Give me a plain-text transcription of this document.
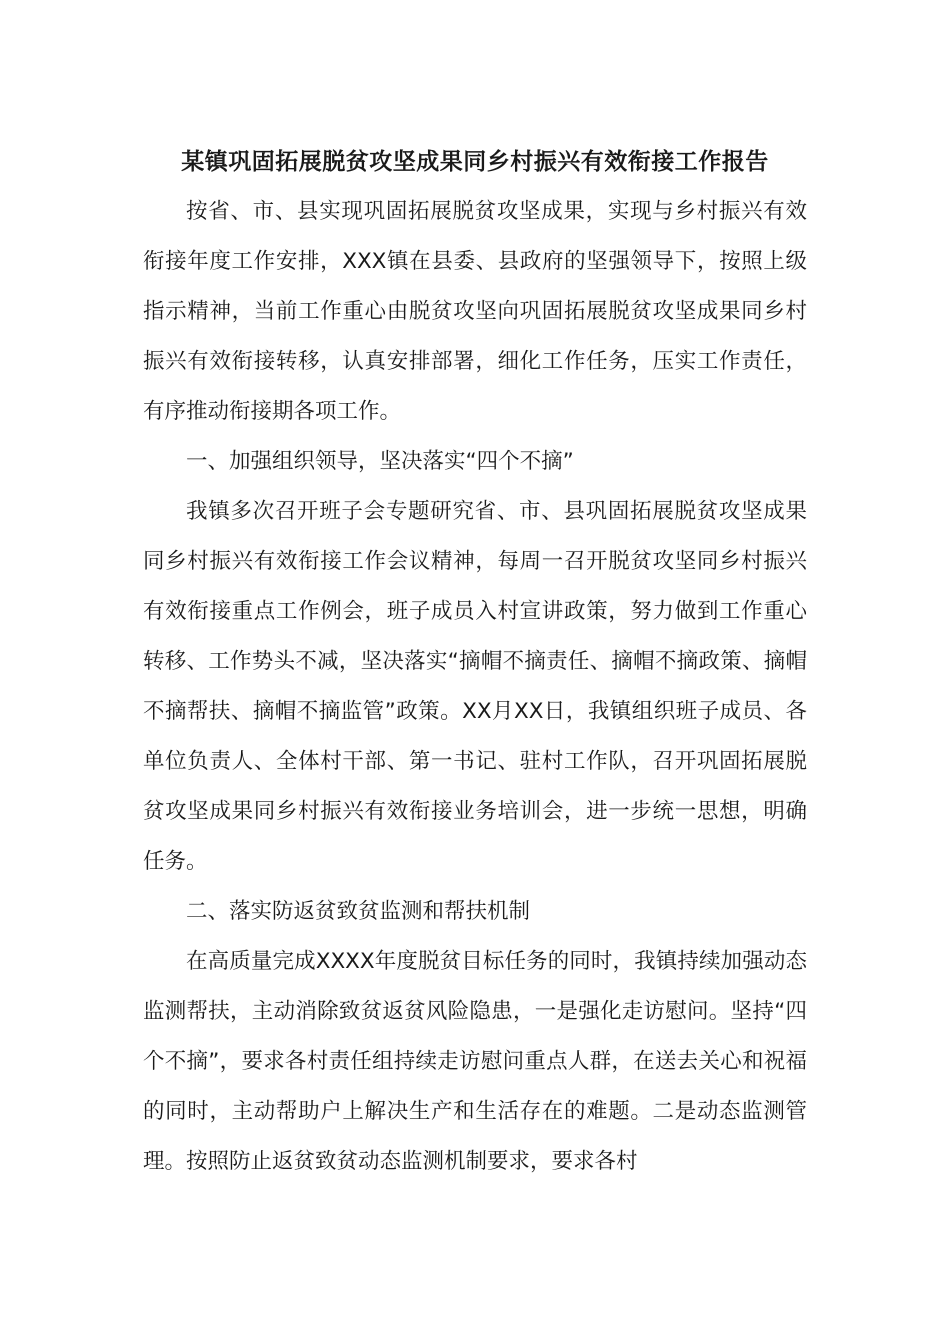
某镇巩固拓展脱贫攻坚成果同乡村振兴有效衔接工作报告

按省、市、县实现巩固拓展脱贫攻坚成果，实现与乡村振兴有效衔接年度工作安排，XXX镇在县委、县政府的坚强领导下，按照上级指示精神，当前工作重心由脱贫攻坚向巩固拓展脱贫攻坚成果同乡村振兴有效衔接转移，认真安排部署，细化工作任务，压实工作责任，有序推动衔接期各项工作。

一、加强组织领导，坚决落实“四个不摘”

我镇多次召开班子会专题研究省、市、县巩固拓展脱贫攻坚成果同乡村振兴有效衔接工作会议精神，每周一召开脱贫攻坚同乡村振兴有效衔接重点工作例会，班子成员入村宣讲政策，努力做到工作重心转移、工作势头不减，坚决落实“摘帽不摘责任、摘帽不摘政策、摘帽不摘帮扶、摘帽不摘监管”政策。XX月XX日，我镇组织班子成员、各单位负责人、全体村干部、第一书记、驻村工作队，召开巩固拓展脱贫攻坚成果同乡村振兴有效衔接业务培训会，进一步统一思想，明确任务。

二、落实防返贫致贫监测和帮扶机制

在高质量完成XXXX年度脱贫目标任务的同时，我镇持续加强动态监测帮扶，主动消除致贫返贫风险隐患，一是强化走访慰问。坚持“四个不摘”，要求各村责任组持续走访慰问重点人群，在送去关心和祝福的同时，主动帮助户上解决生产和生活存在的难题。二是动态监测管理。按照防止返贫致贫动态监测机制要求，要求各村
